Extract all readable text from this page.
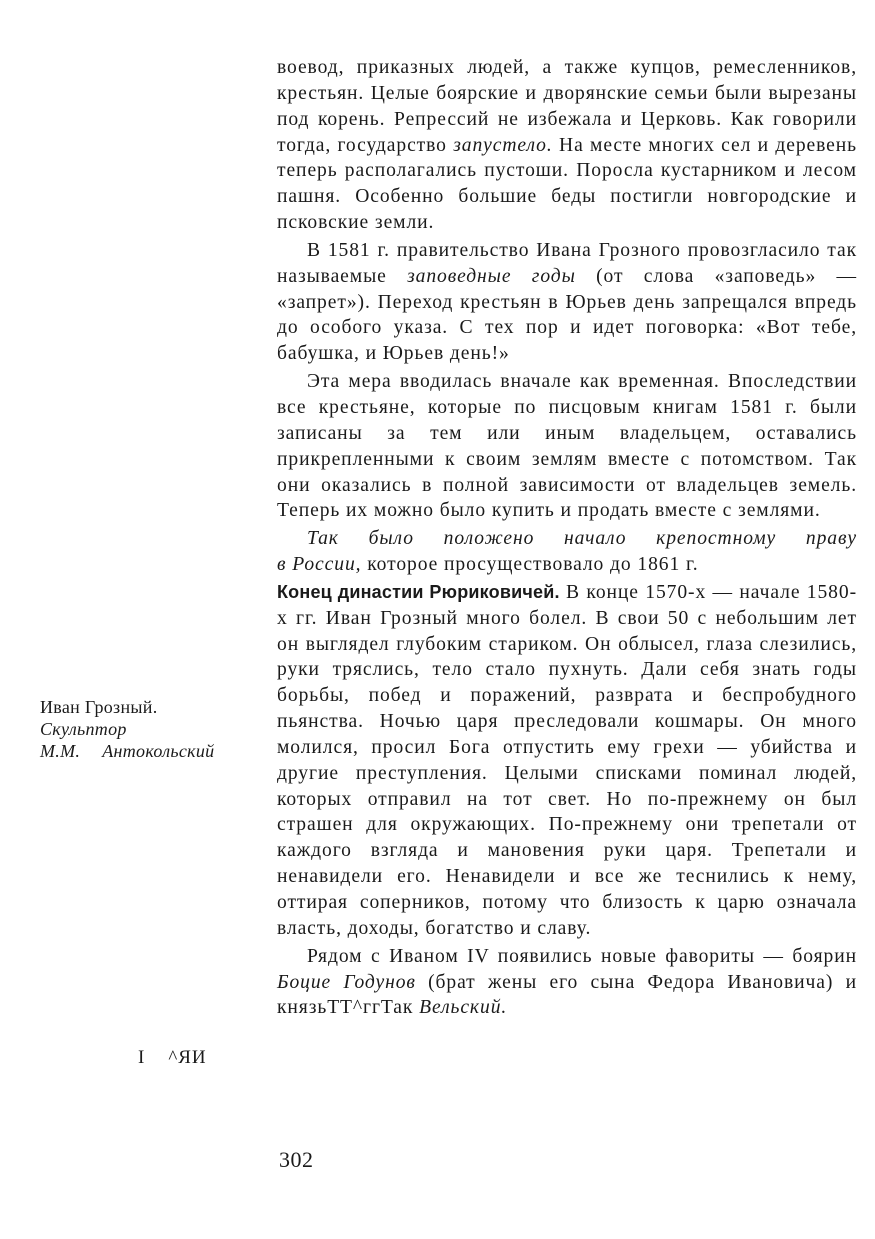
воевод, приказных людей, а также купцов, ремесленников, крестьян. Целые боярские и дворянские семьи были вырезаны под корень. Репрессий не избежала и Церковь. Как говорили тогда, государство запустело. На месте многих сел и деревень теперь располагались пустоши. Поросла кустарником и лесом пашня. Особенно большие беды постигли новгородские и псковские земли.

В 1581 г. правительство Ивана Грозного провозгласило так называемые заповедные годы (от слова «заповедь» — «запрет»). Переход крестьян в Юрьев день запрещался впредь до особого указа. С тех пор и идет поговорка: «Вот тебе, бабушка, и Юрьев день!»

Эта мера вводилась вначале как временная. Впоследствии все крестьяне, которые по писцовым книгам 1581 г. были записаны за тем или иным владельцем, оставались прикрепленными к своим землям вместе с потомством. Так они оказались в полной зависимости от владельцев земель. Теперь их можно было купить и продать вместе с землями.

Так было положено начало крепостному праву

в России, которое просуществовало до 1861 г.

Конец династии Рюриковичей. В конце 1570-х — начале 1580-х гг. Иван Грозный много болел. В свои 50 с небольшим лет он выглядел глубоким стариком. Он облысел, глаза слезились, руки тряслись, тело стало пухнуть. Дали себя знать годы борьбы, побед и поражений, разврата и беспробудного пьянства. Ночью царя преследовали кошмары. Он много молился, просил Бога отпустить ему грехи — убийства и другие преступления. Целыми списками поминал людей, которых отправил на тот свет. Но по-прежнему он был страшен для окружающих. По-прежнему они трепетали от каждого взгляда и мановения руки царя. Трепетали и ненавидели его. Ненавидели и все же теснились к нему, оттирая соперников, потому что близость к царю означала власть, доходы, богатство и славу.

Рядом с Иваном IV появились новые фавориты — боярин Боцие Годунов (брат жены его сына Федора Ивановича) и князьТТ^ггТак Вельский.

Иван Грозный.
Скульптор
М.М. Антокольский
I    ^ЯИ
302
